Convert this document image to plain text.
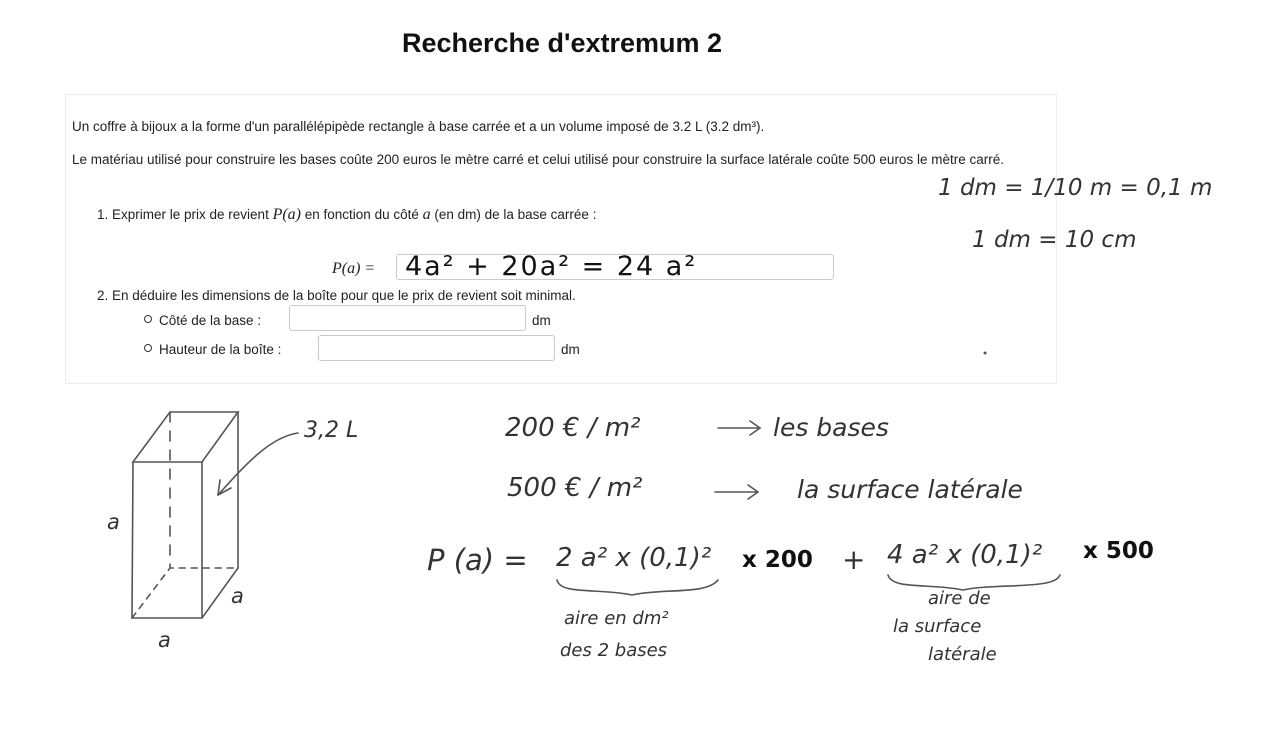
Recherche d'extremum 2
Un coffre à bijoux a la forme d'un parallélépipède rectangle à base carrée et a un volume imposé de 3.2 L (3.2 dm³).
Le matériau utilisé pour construire les bases coûte 200 euros le mètre carré et celui utilisé pour construire la surface latérale coûte 500 euros le mètre carré.
1. Exprimer le prix de revient P(a) en fonction du côté a (en dm) de la base carrée :
P(a) = 4a² + 20a² = 24 a²
2. En déduire les dimensions de la boîte pour que le prix de revient soit minimal.
Côté de la base :	dm
Hauteur de la boîte :	dm
1 dm = 1/10 m = 0,1 m
1 dm = 10 cm
3,2 L
a
a
a
200 € / m²	les bases
500 € / m²	la surface latérale
P (a) = 2 a² x (0,1)² x 200 + 4 a² x (0,1)² x 500
aire en dm²
des 2 bases
aire de
la surface
latérale
